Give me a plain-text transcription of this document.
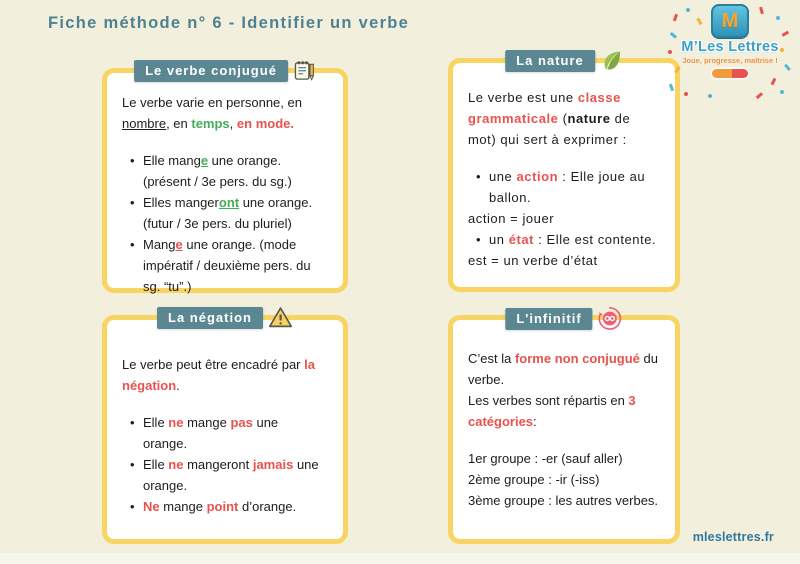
Fiche méthode n° 6 - Identifier un verbe	M
M’Les Lettres
Joue, progresse, maîtrise !
Le verbe conjugué
Le verbe varie en personne, en nombre, en temps, en mode.
• Elle mange une orange. (présent / 3e pers. du sg.)
• Elles mangeront une orange. (futur / 3e pers. du pluriel)
• Mange une orange. (mode impératif / deuxième pers. du sg. “tu”.)
La nature
Le verbe est une classe grammaticale (nature de mot) qui sert à exprimer :
• une action : Elle joue au ballon.
action = jouer
• un état : Elle est contente.
est = un verbe d’état
La négation
Le verbe peut être encadré par la négation.
• Elle ne mange pas une orange.
• Elle ne mangeront jamais une orange.
• Ne mange point d’orange.
L'infinitif
C’est la forme non conjugué du verbe.
Les verbes sont répartis en 3 catégories:
1er groupe : -er (sauf aller)
2ème groupe : -ir (-iss)
3ème groupe : les autres verbes.
mleslettres.fr
